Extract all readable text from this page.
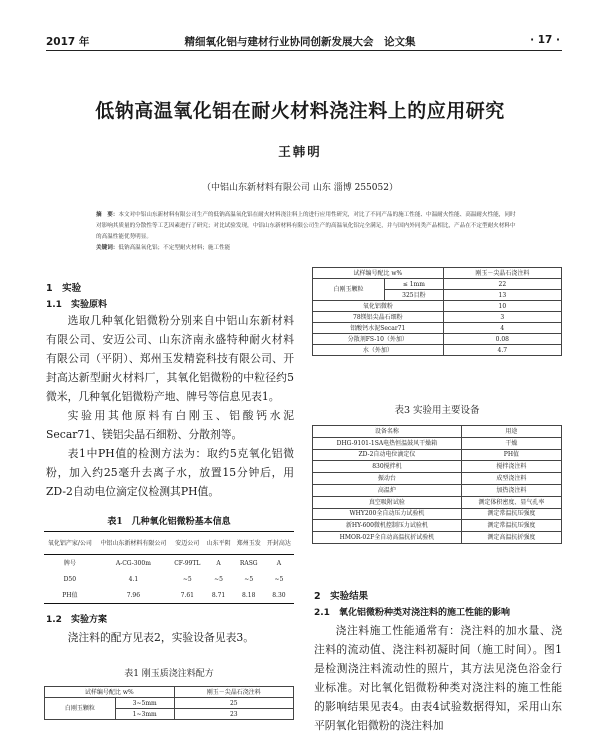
2017 年	精细氧化铝与建材行业协同创新发展大会　论文集	· 17 ·
低钠高温氧化铝在耐火材料浇注料上的应用研究
王韩明
（中铝山东新材料有限公司 山东 淄博 255052）
摘　要：本文对中铝山东新材料有限公司生产的低钠高温氧化铝在耐火材料浇注料上的进行应用性研究，对比了不同产品的施工性能、中温耐火性能、高温耐火性能，同时对影响其质量的分散性等工艺因素进行了研究；对比试验发现，中铝山东新材料有限公司生产的高温氧化铝完全满足，并与国内外同类产品相比，产品在不定型耐火材料中的高温性能优势明显。
关键词：低钠高温氧化铝；不定型耐火材料；施工性能
1　实验
1.1　实验原料

选取几种氧化铝微粉分别来自中铝山东新材料有限公司、安迈公司、山东济南永盛特种耐火材料有限公司（平阴）、郑州玉发精瓷科技有限公司、开封高达新型耐火材料厂，其氧化铝微粉的中粒径约5微米，几种氧化铝微粉产地、牌号等信息见表1。

实验用其他原料有白刚玉、铝酸钙水泥Secar71、镁铝尖晶石细粉、分散剂等。

表1中PH值的检测方法为：取约5克氧化铝微粉，加入约25毫升去离子水，放置15分钟后，用ZD-2自动电位滴定仪检测其PH值。

表1　几种氧化铝微粉基本信息
氧化铝产家/公司	中铝山东新材料有限公司	安迈公司	山东平阴	郑州玉发	开封高达
牌号	A-CG-300m	CF-99TL	A	RASG	A
D50	4.1	~5	~5	~5	~5
PH值	7.96	7.61	8.71	8.18	8.30
1.2　实验方案

浇注料的配方见表2，实验设备见表3。

表1 刚玉质浇注料配方
试样编号配比 w%		刚玉－尖晶石浇注料
白刚玉颗粒	3~5mm	25
	1~3mm	23
试样编号配比 w%		刚玉－尖晶石浇注料
白刚玉颗粒	≤ 1mm	22
	325目粉	13
氧化铝微粉		10
78镁铝尖晶石细粉		3
铝酸钙水泥Secar71		4
分散剂FS-10（外加）		0.08
水（外加）		4.7
表3 实验用主要设备
设备名称	用途
DHG-9101-1SA电热恒温鼓风干燥箱	干燥
ZD-2自动电位滴定仪	PH值
830搅拌机	搅拌浇注料
振动台	成型浇注料
高温炉	加热浇注料
真空吸附试验	测定体积密度、显气孔率
WHY200全自动压力试验机	测定常温抗压强度
新HY-600微机控制压力试验机	测定常温抗压强度
HMOR-02F全自动高温抗折试验机	测定高温抗折强度
2　实验结果
2.1　氧化铝微粉种类对浇注料的施工性能的影响

浇注料施工性能通常有：浇注料的加水量、浇注料的流动值、浇注料初凝时间（施工时间）。图1是检测浇注料流动性的照片，其方法见浇色浴金行业标准。对比氧化铝微粉种类对浇注料的施工性能的影响结果见表4。由表4试验数据得知，采用山东平阴氧化铝微粉的浇注料加
